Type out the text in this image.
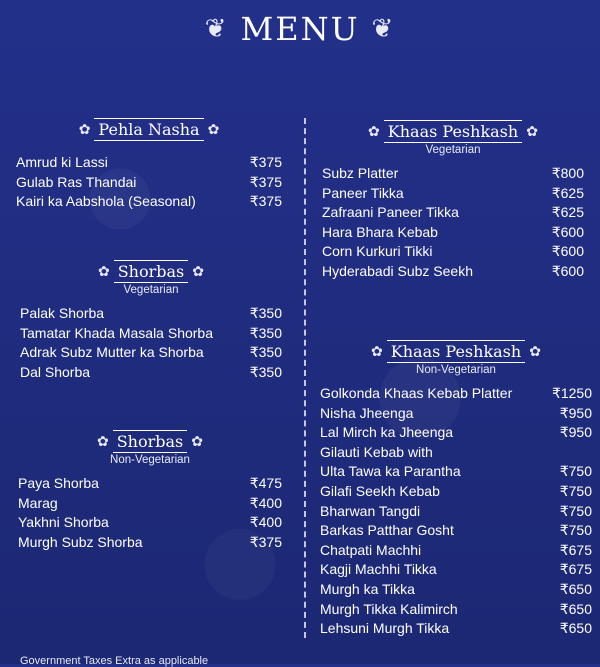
❦ MENU ❦
✿ Pehla Nasha ✿
Amrud ki Lassi	₹375
Gulab Ras Thandai	₹375
Kairi ka Aabshola (Seasonal)	₹375
✿ Shorbas ✿
Vegetarian
Palak Shorba	₹350
Tamatar Khada Masala Shorba	₹350
Adrak Subz Mutter ka Shorba	₹350
Dal Shorba	₹350
✿ Shorbas ✿
Non-Vegetarian
Paya Shorba	₹475
Marag	₹400
Yakhni Shorba	₹400
Murgh Subz Shorba	₹375
✿ Khaas Peshkash ✿
Vegetarian
Subz Platter	₹800
Paneer Tikka	₹625
Zafraani Paneer Tikka	₹625
Hara Bhara Kebab	₹600
Corn Kurkuri Tikki	₹600
Hyderabadi Subz Seekh	₹600
✿ Khaas Peshkash ✿
Non-Vegetarian
Golkonda Khaas Kebab Platter	₹1250
Nisha Jheenga	₹950
Lal Mirch ka Jheenga	₹950
Gilauti Kebab with
Ulta Tawa ka Parantha	₹750
Gilafi Seekh Kebab	₹750
Bharwan Tangdi	₹750
Barkas Patthar Gosht	₹750
Chatpati Machhi	₹675
Kagji Machhi Tikka	₹675
Murgh ka Tikka	₹650
Murgh Tikka Kalimirch	₹650
Lehsuni Murgh Tikka	₹650
Government Taxes Extra as applicable
